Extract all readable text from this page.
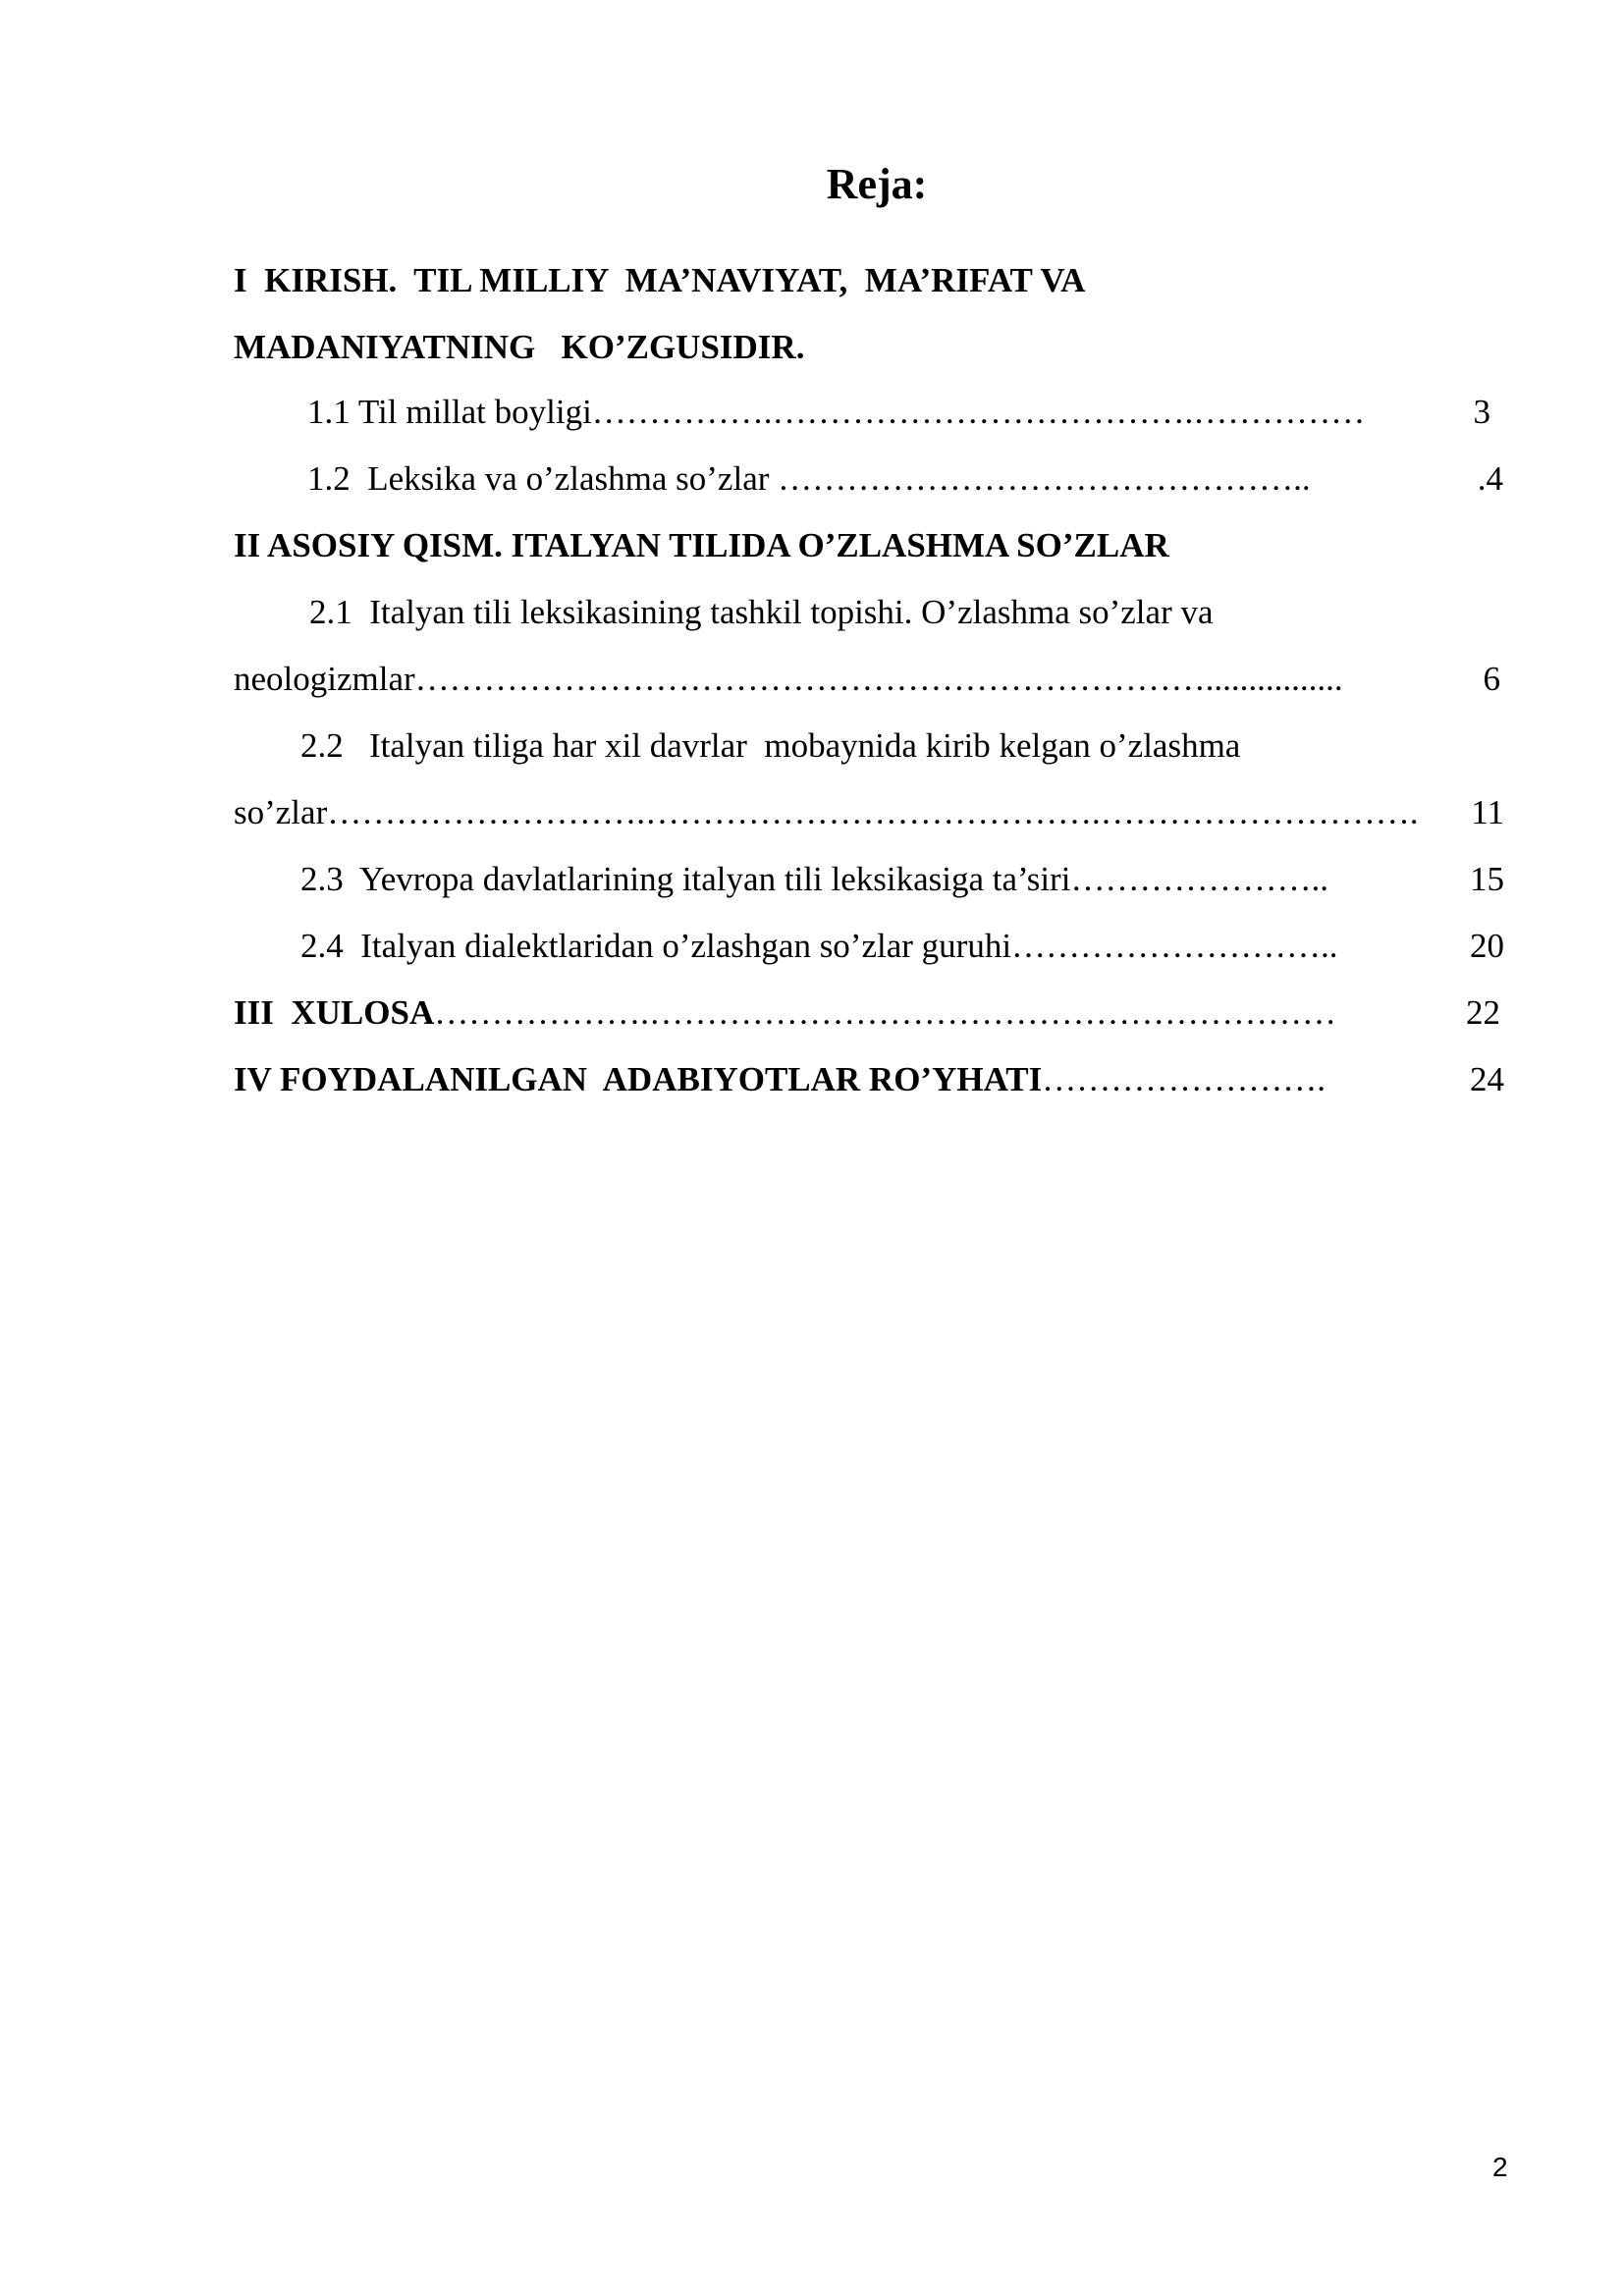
Reja:
I  KIRISH.  TIL MILLIY  MA’NAVIYAT,  MA’RIFAT VA
MADANIYATNING   KO’ZGUSIDIR.
1.1 Til millat boyligi …………….……………………………….……………	3
1.2  Leksika va o’zlashma so’zlar ………………………………………..	.4
II ASOSIY QISM. ITALYAN TILIDA O’ZLASHMA SO’ZLAR
2.1  Italyan tili leksikasining tashkil topishi. O’zlashma so’zlar va
neologizmlar ……………………………………………………………................	6
2.2   Italyan tiliga har xil davrlar  mobaynida kirib kelgan o’zlashma
so’zlar ……………………….………………………………….……………………….	11
2.3  Yevropa davlatlarining italyan tili leksikasiga ta’siri …………………..	15
2.4  Italyan dialektlaridan o’zlashgan so’zlar guruhi ………………………..	20
III  XULOSA ……………….……………………………………………………	22
IV FOYDALANILGAN  ADABIYOTLAR RO’YHATI …………………….	24
2
